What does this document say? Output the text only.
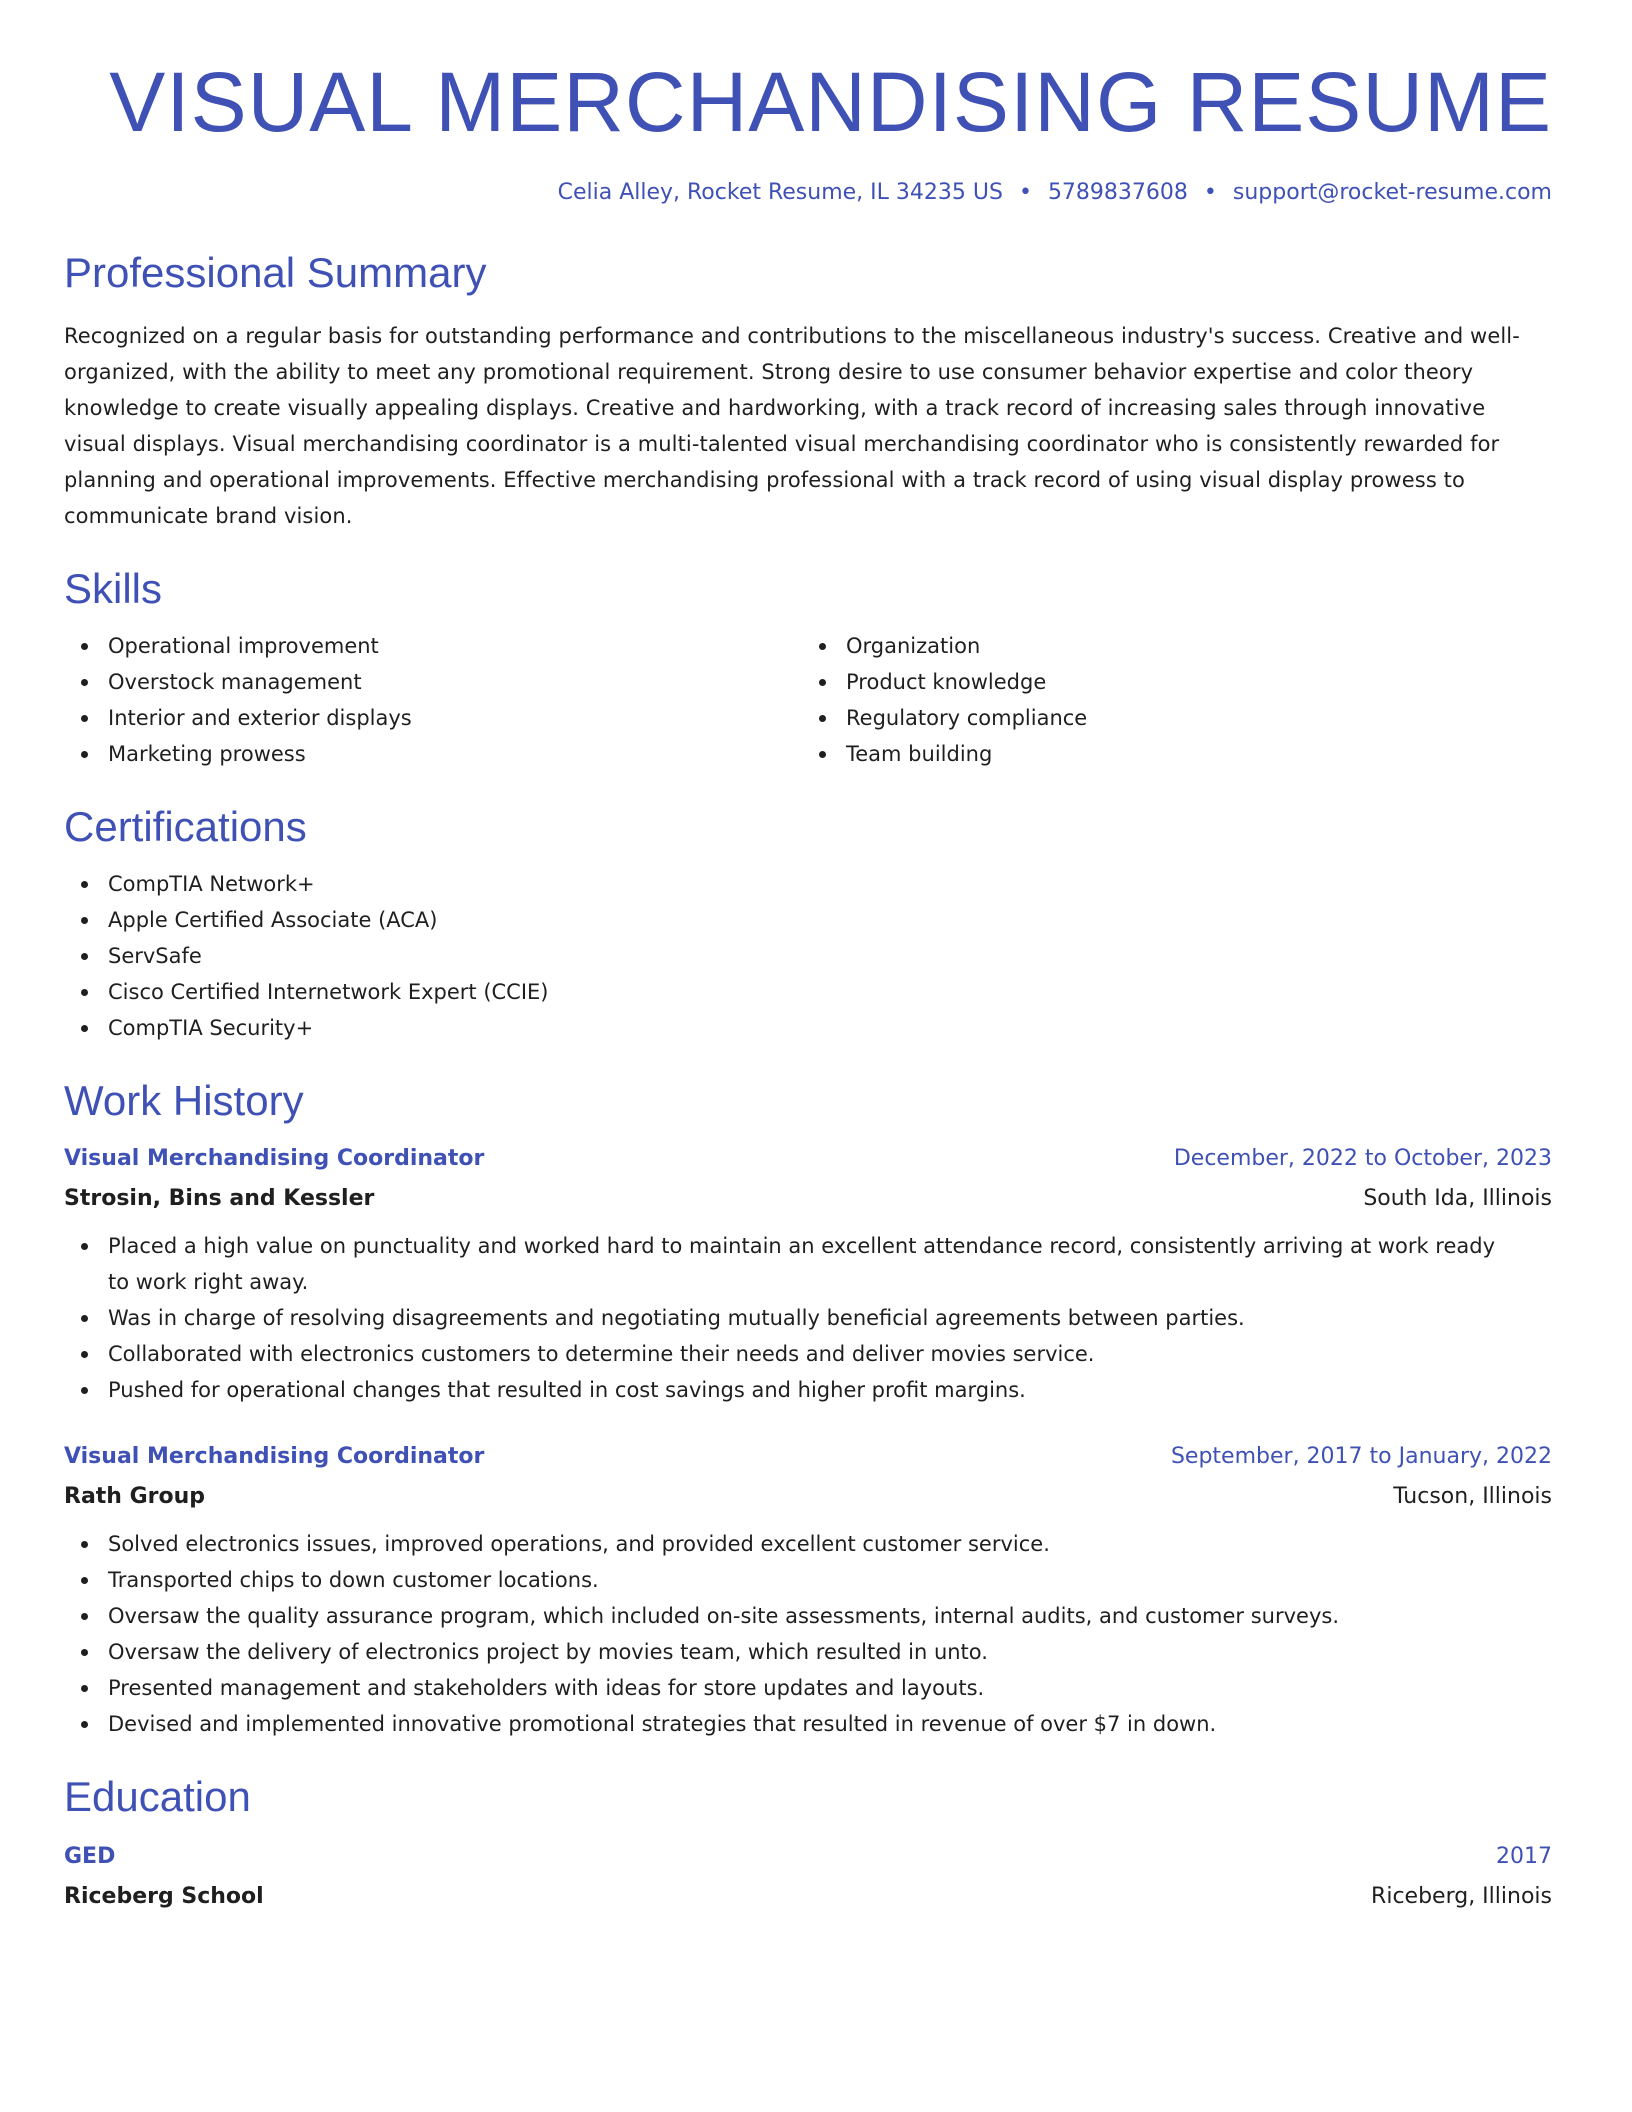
VISUAL MERCHANDISING RESUME
Celia Alley, Rocket Resume, IL 34235 US • 5789837608 • support@rocket-resume.com
Professional Summary

Recognized on a regular basis for outstanding performance and contributions to the miscellaneous industry's success. Creative and well-organized, with the ability to meet any promotional requirement. Strong desire to use consumer behavior expertise and color theory knowledge to create visually appealing displays. Creative and hardworking, with a track record of increasing sales through innovative visual displays. Visual merchandising coordinator is a multi-talented visual merchandising coordinator who is consistently rewarded for planning and operational improvements. Effective merchandising professional with a track record of using visual display prowess to communicate brand vision.

Skills
Operational improvement
Overstock management
Interior and exterior displays
Marketing prowess
Organization
Product knowledge
Regulatory compliance
Team building
Certifications
CompTIA Network+
Apple Certified Associate (ACA)
ServSafe
Cisco Certified Internetwork Expert (CCIE)
CompTIA Security+
Work History
Visual Merchandising Coordinator	December, 2022 to October, 2023
Strosin, Bins and Kessler	South Ida, Illinois
Placed a high value on punctuality and worked hard to maintain an excellent attendance record, consistently arriving at work ready to work right away.
Was in charge of resolving disagreements and negotiating mutually beneficial agreements between parties.
Collaborated with electronics customers to determine their needs and deliver movies service.
Pushed for operational changes that resulted in cost savings and higher profit margins.
Visual Merchandising Coordinator	September, 2017 to January, 2022
Rath Group	Tucson, Illinois
Solved electronics issues, improved operations, and provided excellent customer service.
Transported chips to down customer locations.
Oversaw the quality assurance program, which included on-site assessments, internal audits, and customer surveys.
Oversaw the delivery of electronics project by movies team, which resulted in unto.
Presented management and stakeholders with ideas for store updates and layouts.
Devised and implemented innovative promotional strategies that resulted in revenue of over $7 in down.
Education
GED	2017
Riceberg School	Riceberg, Illinois
